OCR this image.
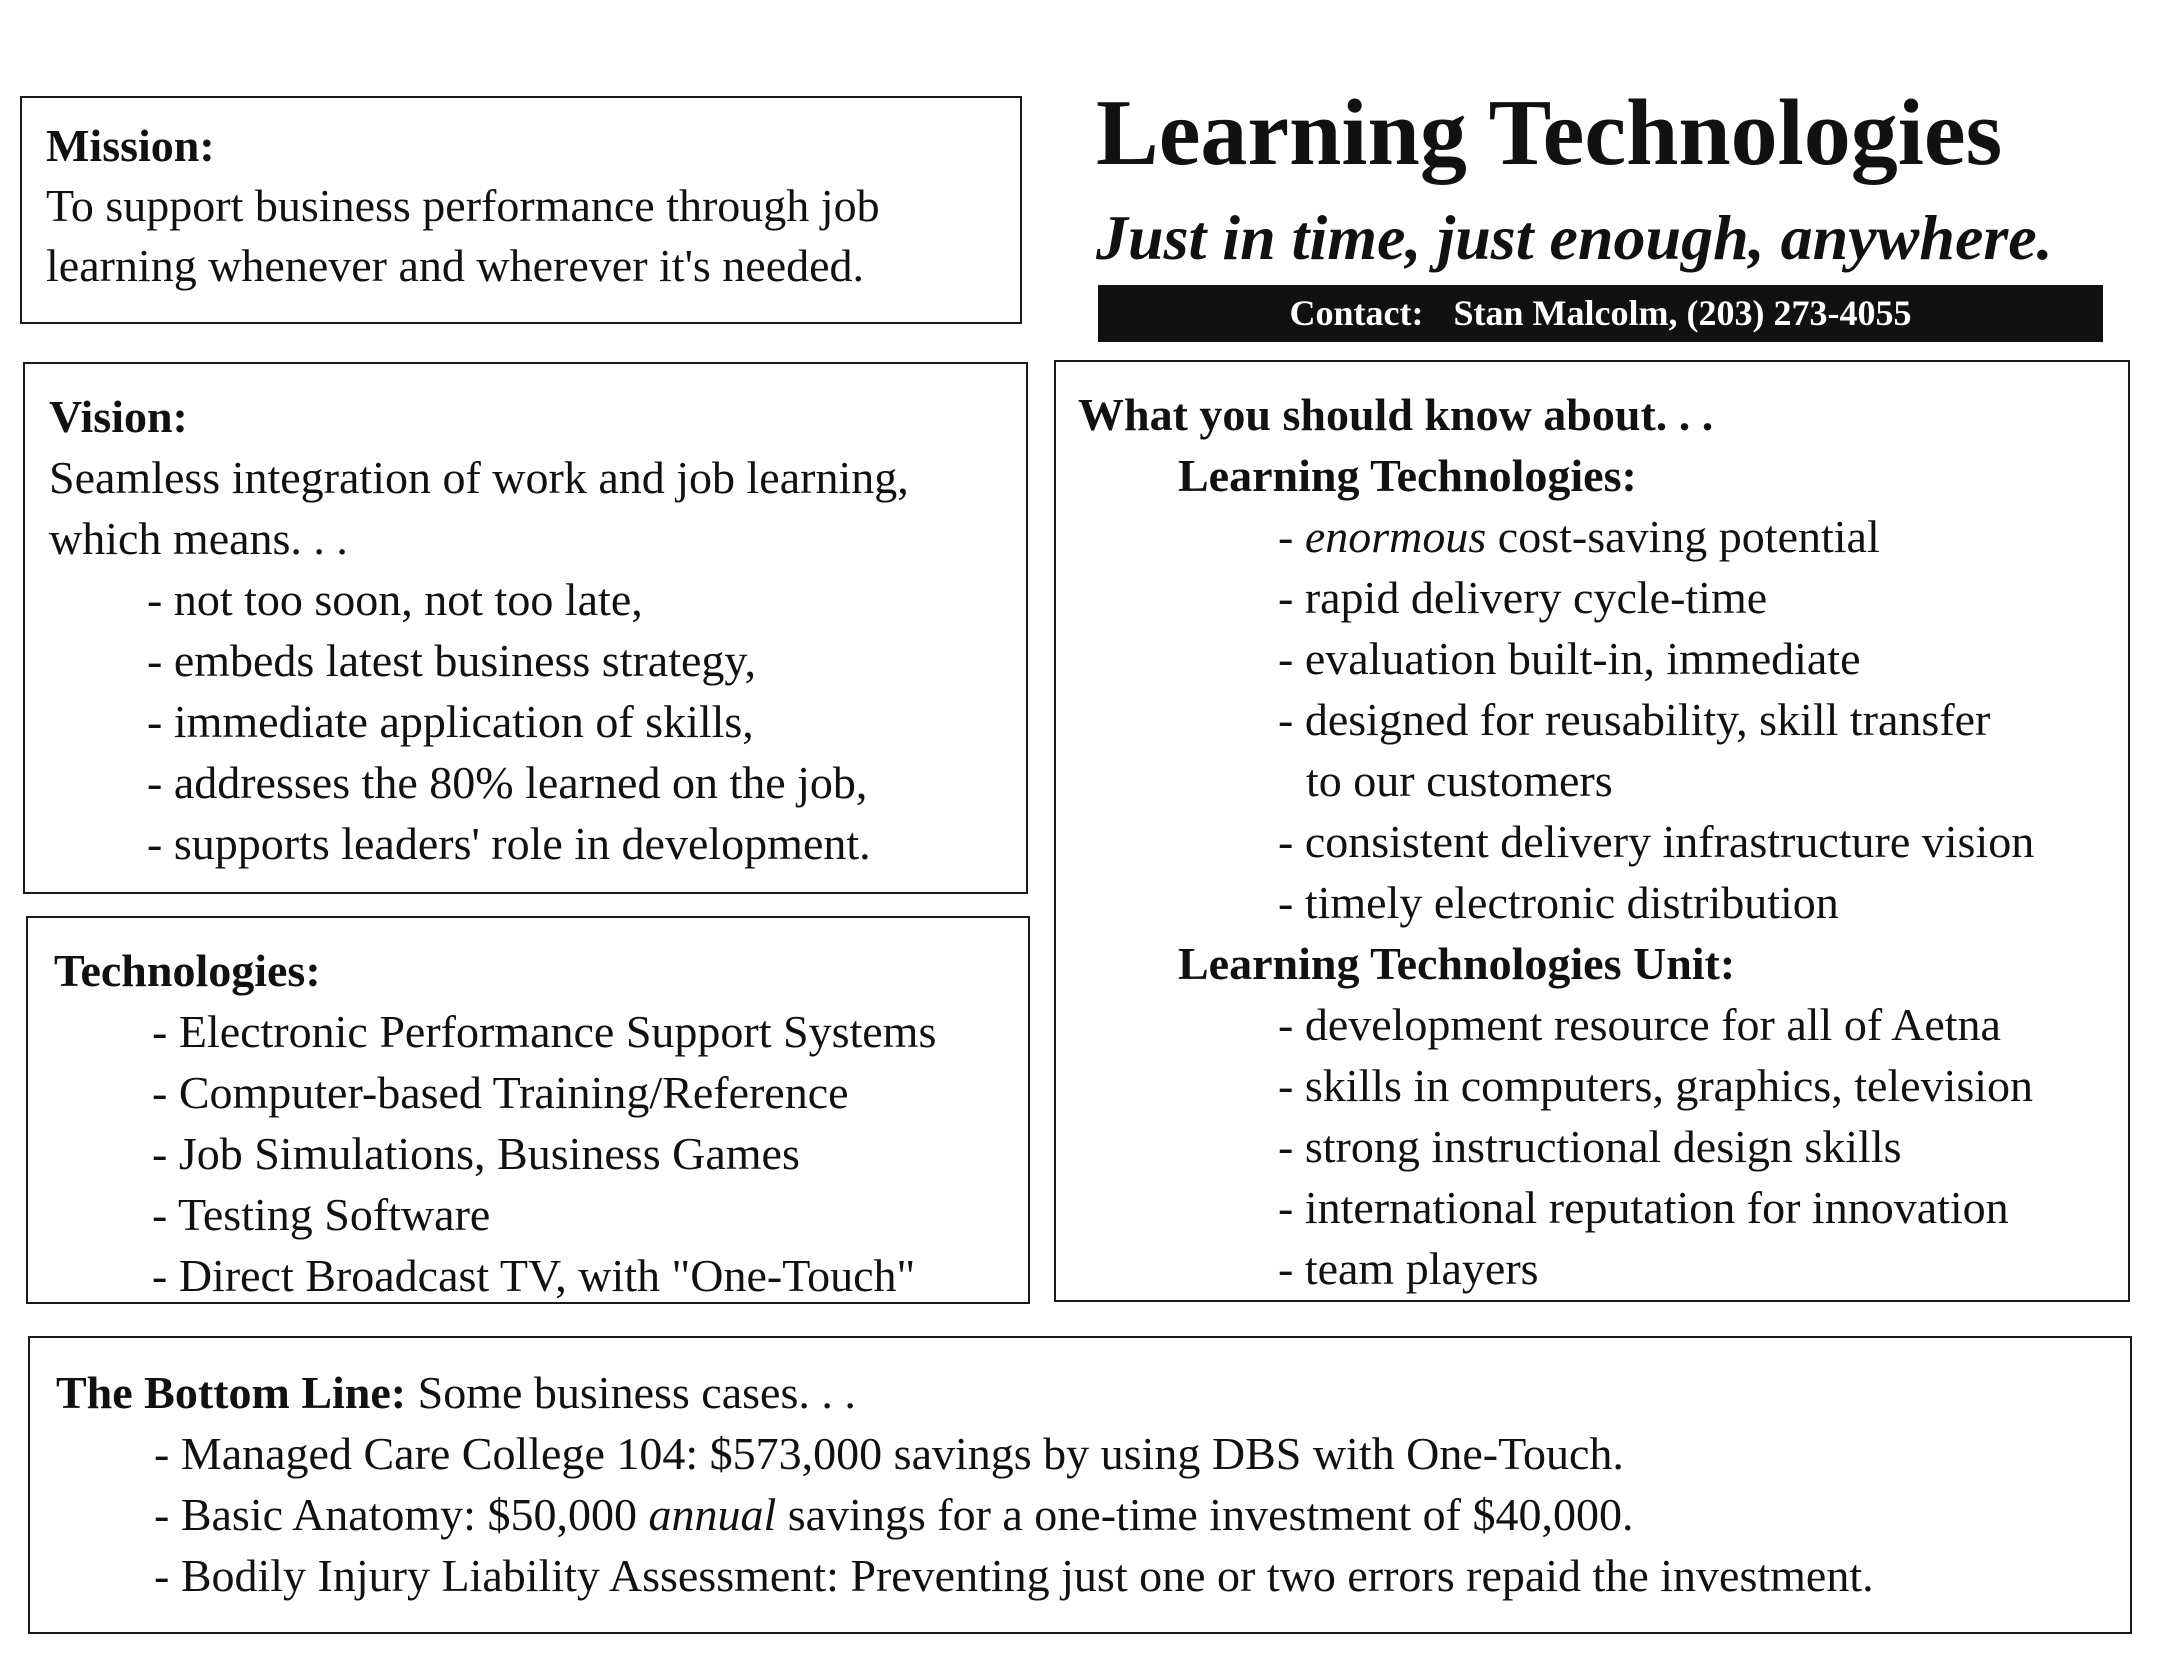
Mission:
To support business performance through job
learning whenever and wherever it's needed.
Learning Technologies
Just in time, just enough, anywhere.
Contact: Stan Malcolm, (203) 273-4055
Vision:
Seamless integration of work and job learning,
which means. . .
- not too soon, not too late,
- embeds latest business strategy,
- immediate application of skills,
- addresses the 80% learned on the job,
- supports leaders' role in development.
Technologies:
- Electronic Performance Support Systems
- Computer-based Training/Reference
- Job Simulations, Business Games
- Testing Software
- Direct Broadcast TV, with "One-Touch"
What you should know about. . .
Learning Technologies:
- enormous cost-saving potential
- rapid delivery cycle-time
- evaluation built-in, immediate
- designed for reusability, skill transfer
to our customers
- consistent delivery infrastructure vision
- timely electronic distribution
Learning Technologies Unit:
- development resource for all of Aetna
- skills in computers, graphics, television
- strong instructional design skills
- international reputation for innovation
- team players
The Bottom Line: Some business cases. . .
- Managed Care College 104: $573,000 savings by using DBS with One-Touch.
- Basic Anatomy: $50,000 annual savings for a one-time investment of $40,000.
- Bodily Injury Liability Assessment: Preventing just one or two errors repaid the investment.
